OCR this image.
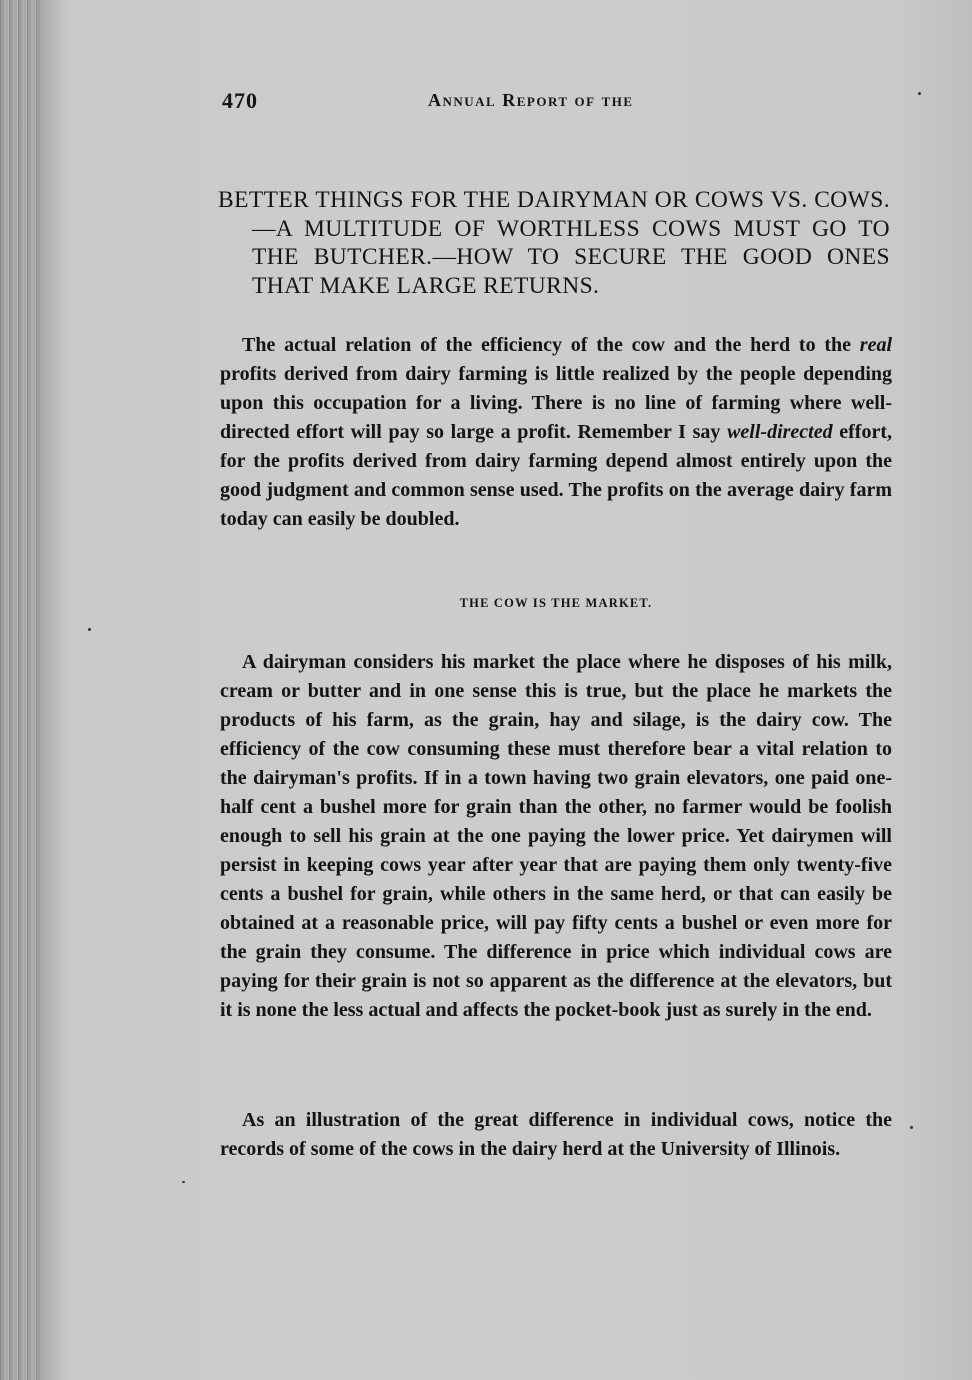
470	Annual Report of the
BETTER THINGS FOR THE DAIRYMAN OR COWS VS. COWS.—A MULTITUDE OF WORTHLESS COWS MUST GO TO THE BUTCHER.—HOW TO SECURE THE GOOD ONES THAT MAKE LARGE RETURNS.

The actual relation of the efficiency of the cow and the herd to the real profits derived from dairy farming is little realized by the people depending upon this occupation for a living. There is no line of farming where well-directed effort will pay so large a profit. Remember I say well-directed effort, for the profits derived from dairy farming depend almost entirely upon the good judgment and common sense used. The profits on the average dairy farm today can easily be doubled.

THE COW IS THE MARKET.

A dairyman considers his market the place where he disposes of his milk, cream or butter and in one sense this is true, but the place he markets the products of his farm, as the grain, hay and silage, is the dairy cow. The efficiency of the cow consuming these must therefore bear a vital relation to the dairyman's profits. If in a town having two grain elevators, one paid one-half cent a bushel more for grain than the other, no farmer would be foolish enough to sell his grain at the one paying the lower price. Yet dairymen will persist in keeping cows year after year that are paying them only twenty-five cents a bushel for grain, while others in the same herd, or that can easily be obtained at a reasonable price, will pay fifty cents a bushel or even more for the grain they consume. The difference in price which individual cows are paying for their grain is not so apparent as the difference at the elevators, but it is none the less actual and affects the pocket-book just as surely in the end.

As an illustration of the great difference in individual cows, notice the records of some of the cows in the dairy herd at the University of Illinois.
